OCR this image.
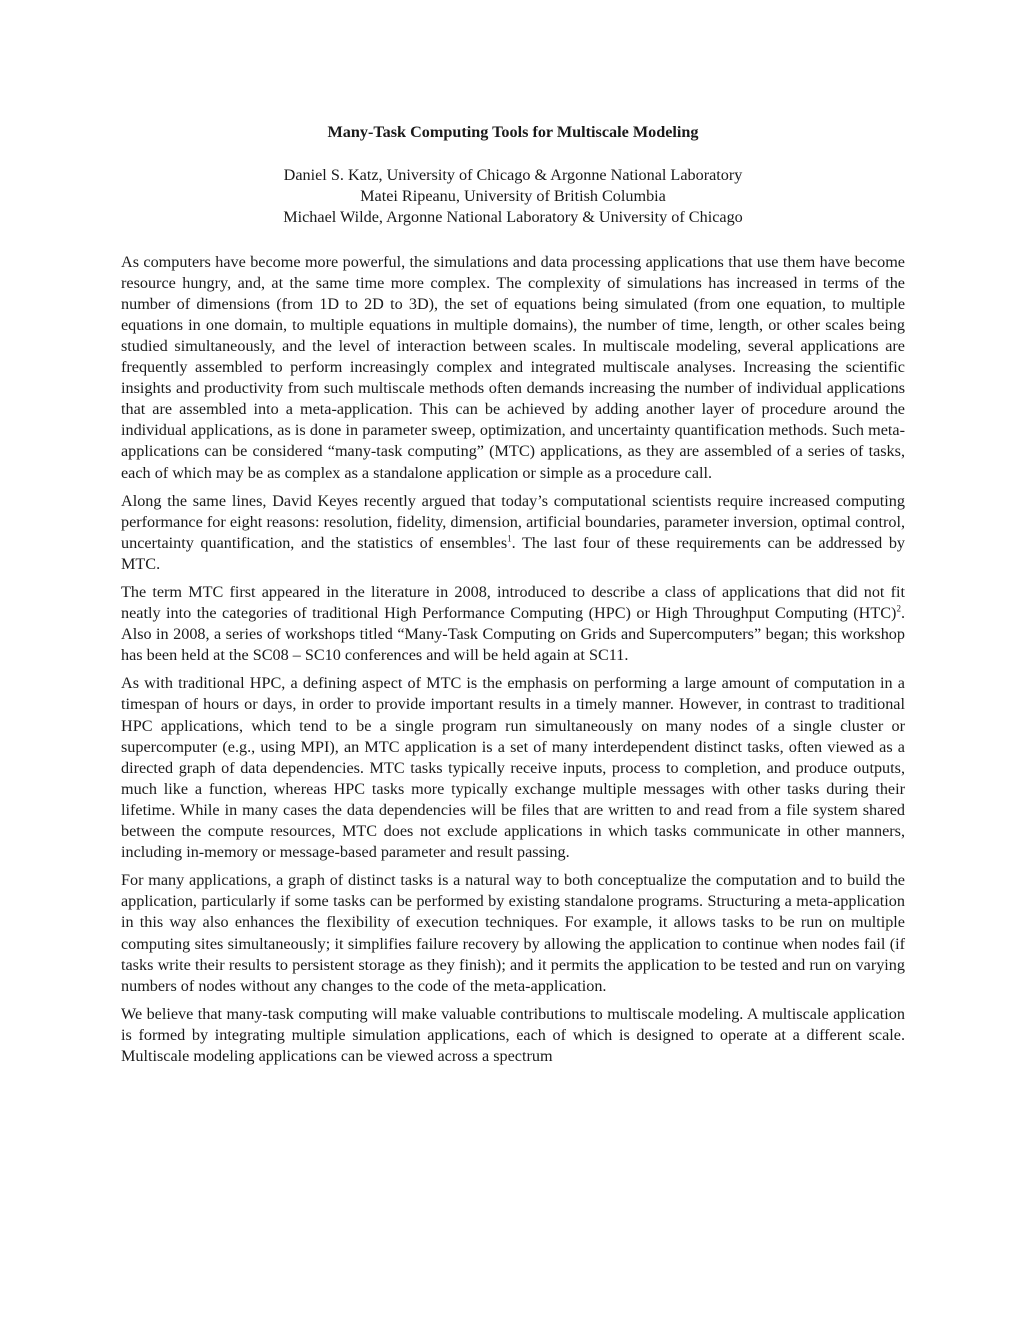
Many-Task Computing Tools for Multiscale Modeling
Daniel S. Katz, University of Chicago & Argonne National Laboratory
Matei Ripeanu, University of British Columbia
Michael Wilde, Argonne National Laboratory & University of Chicago

As computers have become more powerful, the simulations and data processing applications that use them have become resource hungry, and, at the same time more complex. The complexity of simulations has increased in terms of the number of dimensions (from 1D to 2D to 3D), the set of equations being simulated (from one equation, to multiple equations in one domain, to multiple equations in multiple domains), the number of time, length, or other scales being studied simultaneously, and the level of interaction between scales. In multiscale modeling, several applications are frequently assembled to perform increasingly complex and integrated multiscale analyses. Increasing the scientific insights and productivity from such multiscale methods often demands increasing the number of individual applications that are assembled into a meta-application. This can be achieved by adding another layer of procedure around the individual applications, as is done in parameter sweep, optimization, and uncertainty quantification methods. Such meta-applications can be considered “many-task computing” (MTC) applications, as they are assembled of a series of tasks, each of which may be as complex as a standalone application or simple as a procedure call.

Along the same lines, David Keyes recently argued that today’s computational scientists require increased computing performance for eight reasons: resolution, fidelity, dimension, artificial boundaries, parameter inversion, optimal control, uncertainty quantification, and the statistics of ensembles$^1$. The last four of these requirements can be addressed by MTC.

The term MTC first appeared in the literature in 2008, introduced to describe a class of applications that did not fit neatly into the categories of traditional High Performance Computing (HPC) or High Throughput Computing (HTC)$^2$. Also in 2008, a series of workshops titled “Many-Task Computing on Grids and Supercomputers” began; this workshop has been held at the SC08 – SC10 conferences and will be held again at SC11.

As with traditional HPC, a defining aspect of MTC is the emphasis on performing a large amount of computation in a timespan of hours or days, in order to provide important results in a timely manner. However, in contrast to traditional HPC applications, which tend to be a single program run simultaneously on many nodes of a single cluster or supercomputer (e.g., using MPI), an MTC application is a set of many interdependent distinct tasks, often viewed as a directed graph of data dependencies. MTC tasks typically receive inputs, process to completion, and produce outputs, much like a function, whereas HPC tasks more typically exchange multiple messages with other tasks during their lifetime. While in many cases the data dependencies will be files that are written to and read from a file system shared between the compute resources, MTC does not exclude applications in which tasks communicate in other manners, including in-memory or message-based parameter and result passing.

For many applications, a graph of distinct tasks is a natural way to both conceptualize the computation and to build the application, particularly if some tasks can be performed by existing standalone programs. Structuring a meta-application in this way also enhances the flexibility of execution techniques. For example, it allows tasks to be run on multiple computing sites simultaneously; it simplifies failure recovery by allowing the application to continue when nodes fail (if tasks write their results to persistent storage as they finish); and it permits the application to be tested and run on varying numbers of nodes without any changes to the code of the meta-application.

We believe that many-task computing will make valuable contributions to multiscale modeling. A multiscale application is formed by integrating multiple simulation applications, each of which is designed to operate at a different scale. Multiscale modeling applications can be viewed across a spectrum
